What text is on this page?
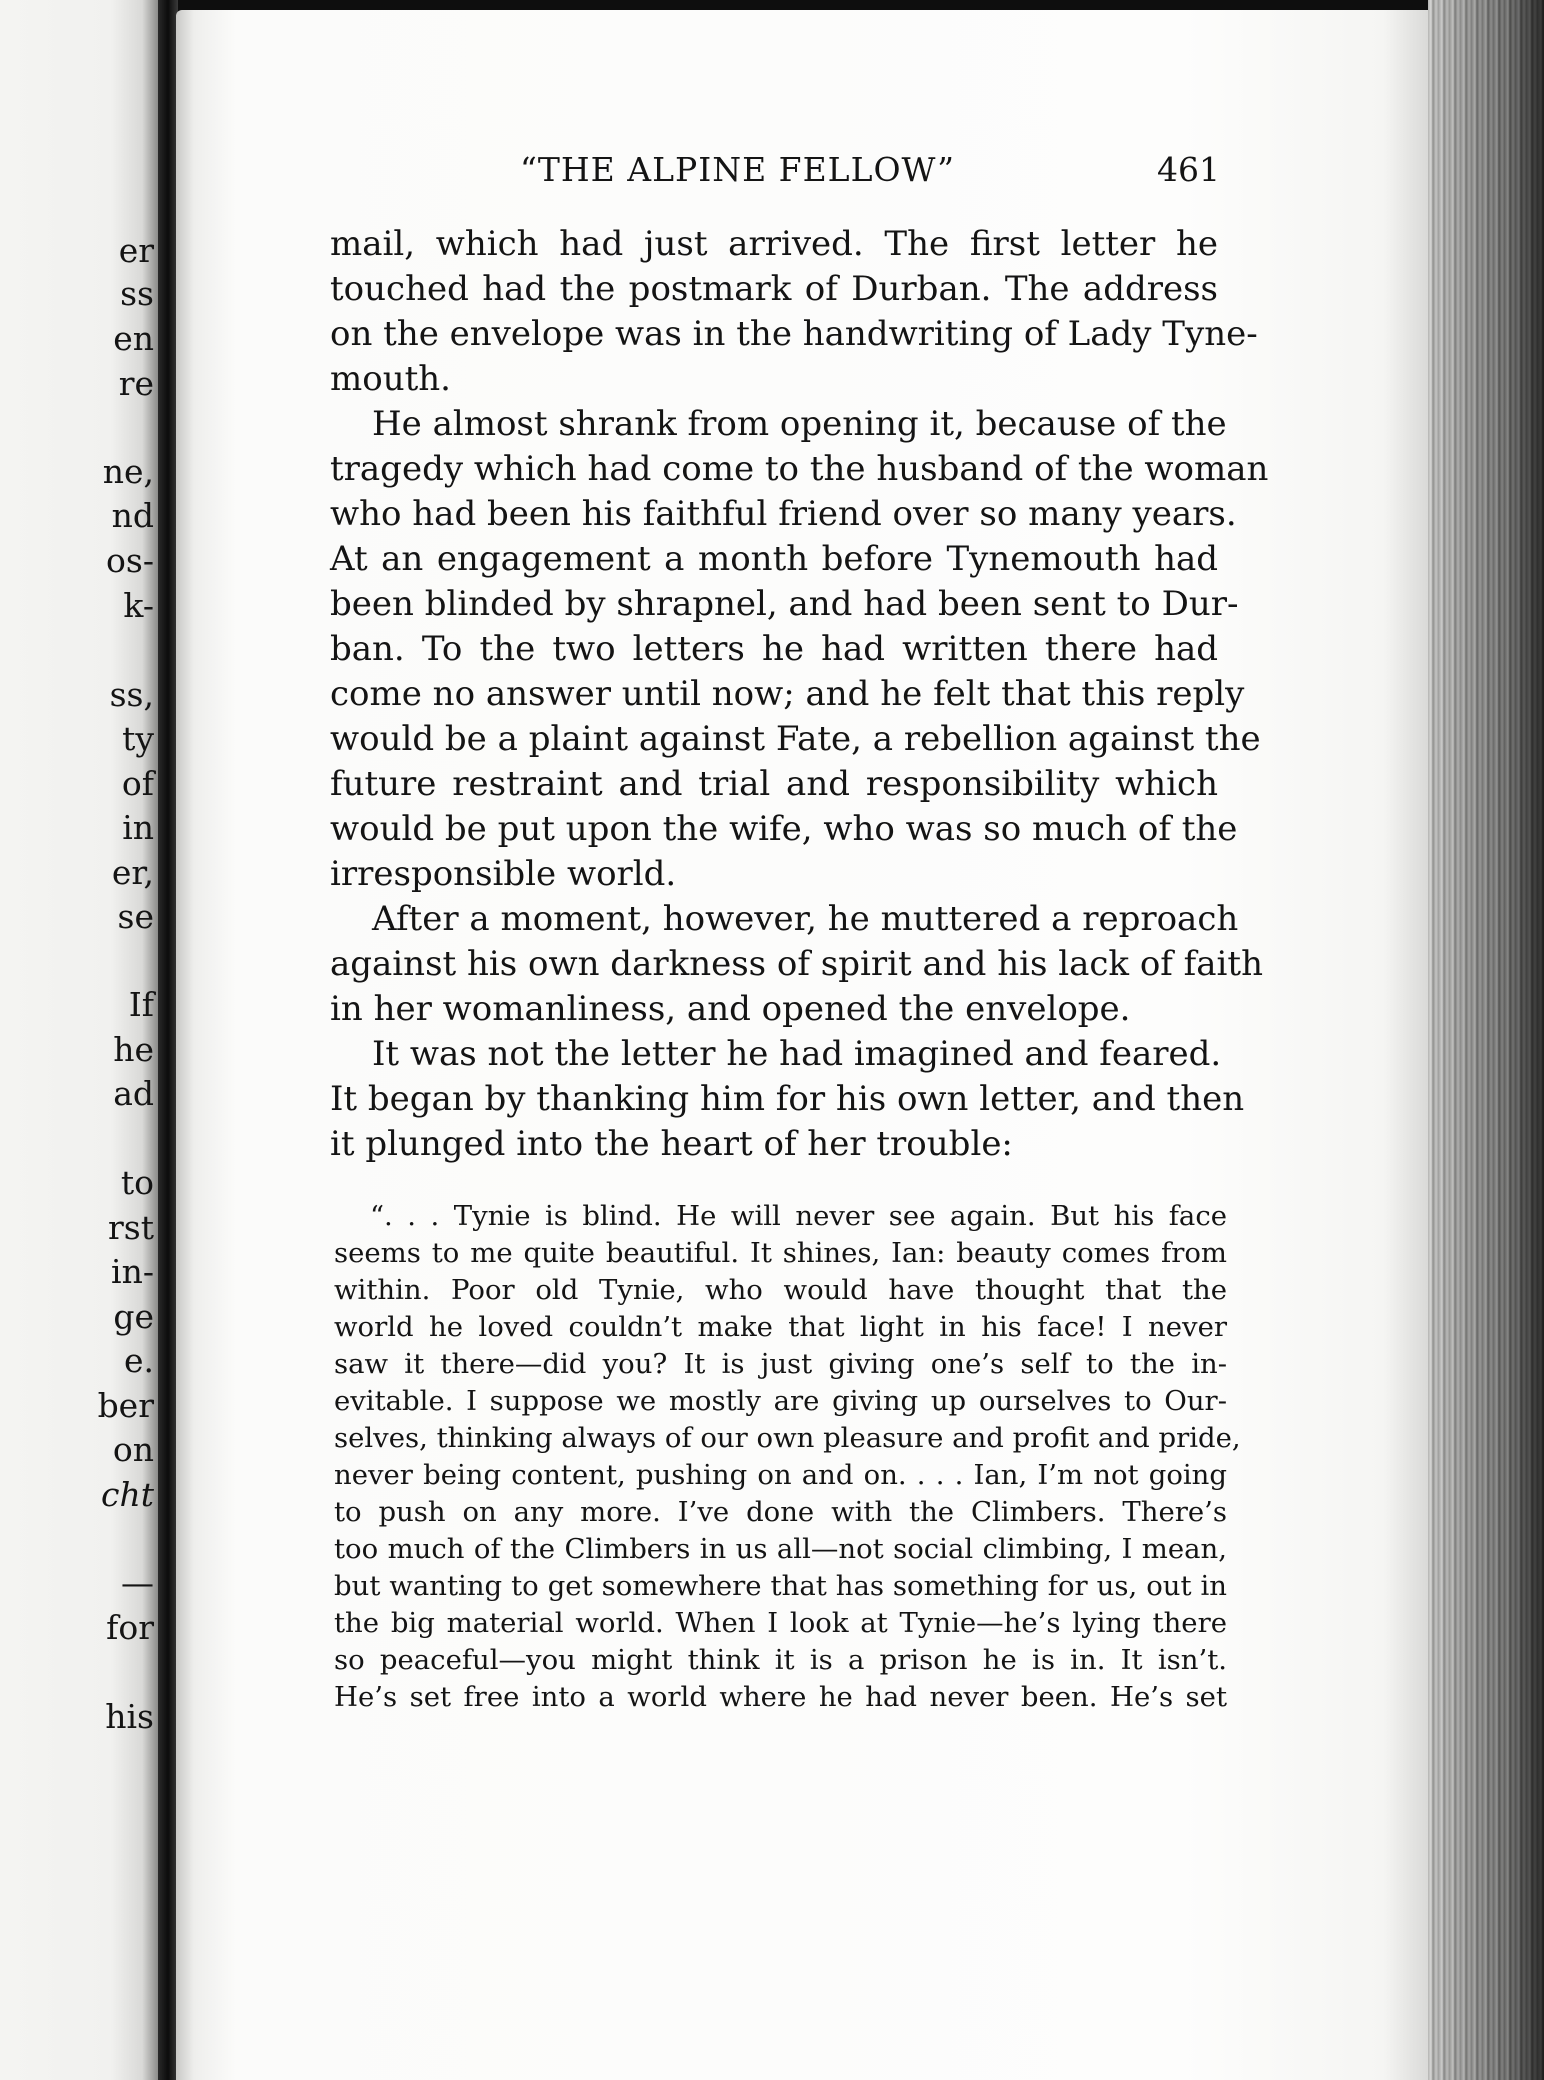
er
ss
en
re
ne,
nd
os-
k-
ss,
ty
of
in
er,
se
If
he
ad
to
rst
in-
ge
e.
ber
on
cht
—
for
his
“THE ALPINE FELLOW”	461
mail, which had just arrived. The first letter he
touched had the postmark of Durban. The address
on the envelope was in the handwriting of Lady Tyne-
mouth.
He almost shrank from opening it, because of the
tragedy which had come to the husband of the woman
who had been his faithful friend over so many years.
At an engagement a month before Tynemouth had
been blinded by shrapnel, and had been sent to Dur-
ban. To the two letters he had written there had
come no answer until now; and he felt that this reply
would be a plaint against Fate, a rebellion against the
future restraint and trial and responsibility which
would be put upon the wife, who was so much of the
irresponsible world.
After a moment, however, he muttered a reproach
against his own darkness of spirit and his lack of faith
in her womanliness, and opened the envelope.
It was not the letter he had imagined and feared.
It began by thanking him for his own letter, and then
it plunged into the heart of her trouble:
“. . . Tynie is blind. He will never see again. But his face
seems to me quite beautiful. It shines, Ian: beauty comes from
within. Poor old Tynie, who would have thought that the
world he loved couldn’t make that light in his face! I never
saw it there—did you? It is just giving one’s self to the in-
evitable. I suppose we mostly are giving up ourselves to Our-
selves, thinking always of our own pleasure and profit and pride,
never being content, pushing on and on. . . . Ian, I’m not going
to push on any more. I’ve done with the Climbers. There’s
too much of the Climbers in us all—not social climbing, I mean,
but wanting to get somewhere that has something for us, out in
the big material world. When I look at Tynie—he’s lying there
so peaceful—you might think it is a prison he is in. It isn’t.
He’s set free into a world where he had never been. He’s set
